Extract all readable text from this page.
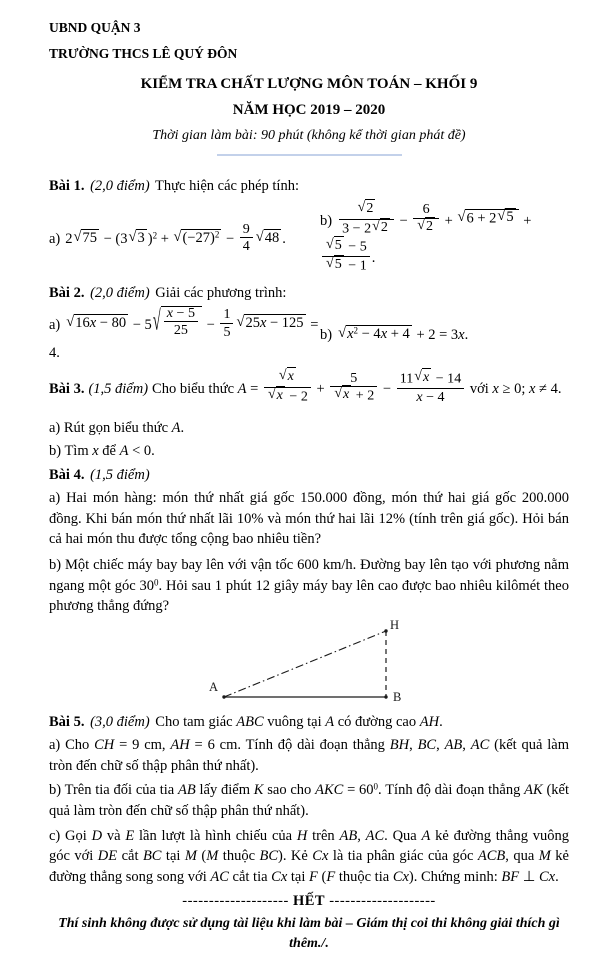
UBND QUẬN 3

TRƯỜNG THCS LÊ QUÝ ĐÔN

KIỂM TRA CHẤT LƯỢNG MÔN TOÁN – KHỐI 9

NĂM HỌC 2019 – 2020

Thời gian làm bài: 90 phút (không kể thời gian phát đề)

Bài 1. (2,0 điểm) Thực hiện các phép tính:

a) 2 √ 75 − (3 √ 3 )$^2$ + √ $(-27)^2 - \frac{9}{4}$ √ 48 .
$b) \frac{√ 2}{3 - 2 √ 2} - \frac{6}{√ 2}$ + √ 6 + 2 √ 5 +
$\frac{√ 5 - 5}{√ 5 - 1}$ .

Bài 2. (2,0 điểm) Giải các phương trình:

a) √ 16x − 80 − 5 √ $\frac{x - 5}{25} - \frac{1}{5}$ √ 25x − 125 = 4.
b) √ $x^2 - 4x + 4 + 2 = 3x$.

Bài 3. (1,5 điểm) Cho biểu thức $A = \frac{√ x}{√ x - 2} + \frac{5}{√ x + 2} - \frac{11 √ x - 14}{x - 4}$ với x ≥ 0; x ≠ 4.

a) Rút gọn biểu thức A.

b) Tìm x để A < 0.

Bài 4. (1,5 điểm)

a) Hai món hàng: món thứ nhất giá gốc 150.000 đồng, món thứ hai giá gốc 200.000 đồng. Khi bán món thứ nhất lãi 10% và món thứ hai lãi 12% (tính trên giá gốc). Hỏi bán cả hai món thu được tổng cộng bao nhiêu tiền?

b) Một chiếc máy bay bay lên với vận tốc 600 km/h. Đường bay lên tạo với phương nằm ngang một góc $30^0$. Hỏi sau 1 phút 12 giây máy bay lên cao được bao nhiêu kilômét theo phương thẳng đứng?

A
H
B

Bài 5. (3,0 điểm) Cho tam giác ABC vuông tại A có đường cao AH.

a) Cho CH = 9 cm, AH = 6 cm. Tính độ dài đoạn thẳng BH, BC, AB, AC (kết quả làm tròn đến chữ số thập phân thứ nhất).

b) Trên tia đối của tia AB lấy điểm K sao cho AKC = $60^0$. Tính độ dài đoạn thẳng AK (kết quả làm tròn đến chữ số thập phân thứ nhất).

c) Gọi D và E lần lượt là hình chiếu của H trên AB, AC. Qua A kẻ đường thẳng vuông góc với DE cắt BC tại M (M thuộc BC). Kẻ Cx là tia phân giác của góc ACB, qua M kẻ đường thẳng song song với AC cắt tia Cx tại F (F thuộc tia Cx). Chứng minh: BF ⊥ Cx.

-------------------- HẾT --------------------

Thí sinh không được sử dụng tài liệu khi làm bài – Giám thị coi thi không giải thích gì thêm./.
